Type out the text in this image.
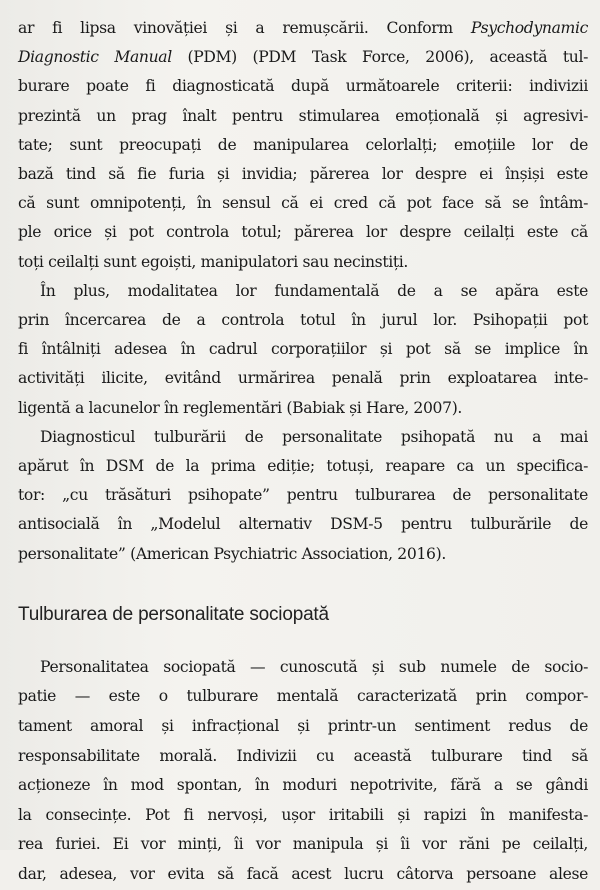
ar fi lipsa vinovăției și a remușcării. Conform Psychodynamic
Diagnostic Manual (PDM) (PDM Task Force, 2006), această tul-
burare poate fi diagnosticată după următoarele criterii: indivizii
prezintă un prag înalt pentru stimularea emoțională și agresivi-
tate; sunt preocupați de manipularea celorlalți; emoțiile lor de
bază tind să fie furia și invidia; părerea lor despre ei înșiși este
că sunt omnipotenți, în sensul că ei cred că pot face să se întâm-
ple orice și pot controla totul; părerea lor despre ceilalți este că
toți ceilalți sunt egoiști, manipulatori sau necinstiți.

În plus, modalitatea lor fundamentală de a se apăra este
prin încercarea de a controla totul în jurul lor. Psihopații pot
fi întâlniți adesea în cadrul corporațiilor și pot să se implice în
activități ilicite, evitând urmărirea penală prin exploatarea inte-
ligentă a lacunelor în reglementări (Babiak și Hare, 2007).

Diagnosticul tulburării de personalitate psihopată nu a mai
apărut în DSM de la prima ediție; totuși, reapare ca un specifica-
tor: „cu trăsături psihopate” pentru tulburarea de personalitate
antisocială în „Modelul alternativ DSM-5 pentru tulburările de
personalitate” (American Psychiatric Association, 2016).

Tulburarea de personalitate sociopată

Personalitatea sociopată — cunoscută și sub numele de socio-
patie — este o tulburare mentală caracterizată prin compor-
tament amoral și infracțional și printr-un sentiment redus de
responsabilitate morală. Indivizii cu această tulburare tind să
acționeze în mod spontan, în moduri nepotrivite, fără a se gândi
la consecințe. Pot fi nervoși, ușor iritabili și rapizi în manifesta-
rea furiei. Ei vor minți, îi vor manipula și îi vor răni pe ceilalți,
dar, adesea, vor evita să facă acest lucru câtorva persoane alese
